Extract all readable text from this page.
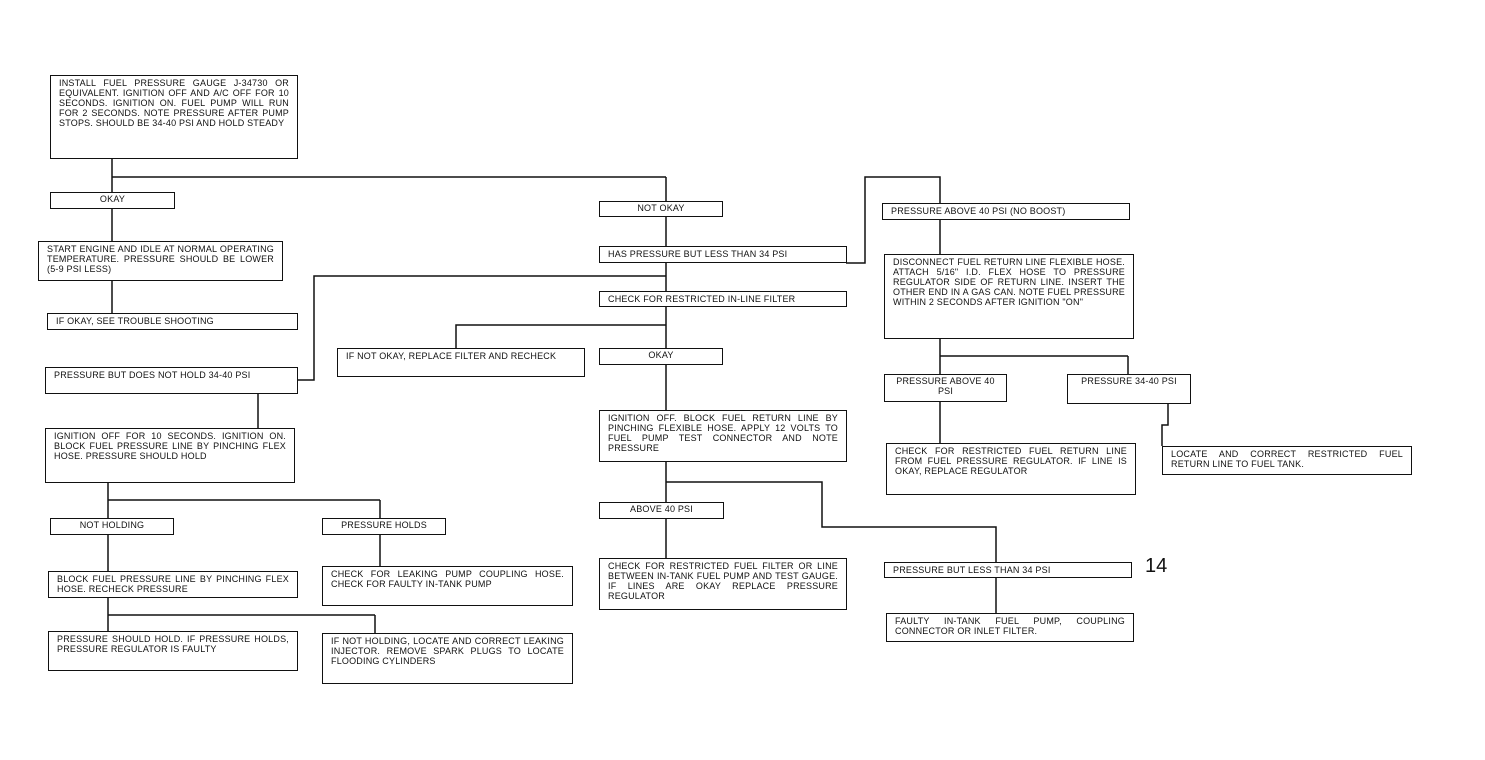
INSTALL FUEL PRESSURE GAUGE J-34730 OR EQUIVALENT. IGNITION OFF AND A/C OFF FOR 10 SECONDS. IGNITION ON. FUEL PUMP WILL RUN FOR 2 SECONDS. NOTE PRESSURE AFTER PUMP STOPS. SHOULD BE 34-40 PSI AND HOLD STEADY
OKAY
START ENGINE AND IDLE AT NORMAL OPERATING TEMPERATURE. PRESSURE SHOULD BE LOWER (5-9 PSI LESS)
IF OKAY, SEE TROUBLE SHOOTING
PRESSURE BUT DOES NOT HOLD 34-40 PSI
IGNITION OFF FOR 10 SECONDS. IGNITION ON. BLOCK FUEL PRESSURE LINE BY PINCHING FLEX HOSE. PRESSURE SHOULD HOLD
NOT HOLDING	PRESSURE HOLDS
BLOCK FUEL PRESSURE LINE BY PINCHING FLEX HOSE. RECHECK PRESSURE
CHECK FOR LEAKING PUMP COUPLING HOSE. CHECK FOR FAULTY IN-TANK PUMP
PRESSURE SHOULD HOLD. IF PRESSURE HOLDS, PRESSURE REGULATOR IS FAULTY
IF NOT HOLDING, LOCATE AND CORRECT LEAKING INJECTOR. REMOVE SPARK PLUGS TO LOCATE FLOODING CYLINDERS
IF NOT OKAY, REPLACE FILTER AND RECHECK
NOT OKAY
HAS PRESSURE BUT LESS THAN 34 PSI
CHECK FOR RESTRICTED IN-LINE FILTER
OKAY
IGNITION OFF. BLOCK FUEL RETURN LINE BY PINCHING FLEXIBLE HOSE. APPLY 12 VOLTS TO FUEL PUMP TEST CONNECTOR AND NOTE PRESSURE
ABOVE 40 PSI
CHECK FOR RESTRICTED FUEL FILTER OR LINE BETWEEN IN-TANK FUEL PUMP AND TEST GAUGE. IF LINES ARE OKAY REPLACE PRESSURE REGULATOR
PRESSURE ABOVE 40 PSI (NO BOOST)
DISCONNECT FUEL RETURN LINE FLEXIBLE HOSE. ATTACH 5/16" I.D. FLEX HOSE TO PRESSURE REGULATOR SIDE OF RETURN LINE. INSERT THE OTHER END IN A GAS CAN. NOTE FUEL PRESSURE WITHIN 2 SECONDS AFTER IGNITION "ON"
PRESSURE ABOVE 40 PSI
PRESSURE 34-40 PSI
CHECK FOR RESTRICTED FUEL RETURN LINE FROM FUEL PRESSURE REGULATOR. IF LINE IS OKAY, REPLACE REGULATOR
LOCATE AND CORRECT RESTRICTED FUEL RETURN LINE TO FUEL TANK.
PRESSURE BUT LESS THAN 34 PSI
FAULTY IN-TANK FUEL PUMP, COUPLING CONNECTOR OR INLET FILTER.
14
